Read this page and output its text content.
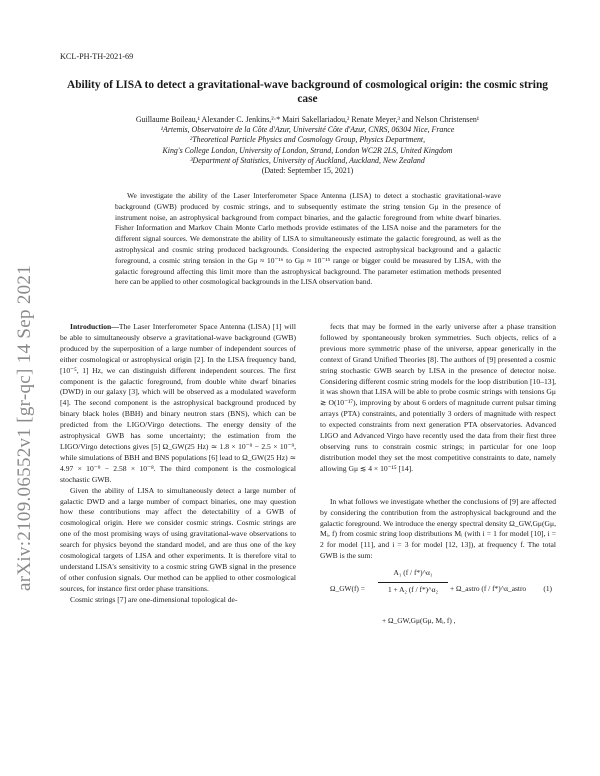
arXiv:2109.06552v1 [gr-qc] 14 Sep 2021
KCL-PH-TH-2021-69
Ability of LISA to detect a gravitational-wave background of cosmological origin: the cosmic string case
Guillaume Boileau,¹ Alexander C. Jenkins,²·* Mairi Sakellariadou,² Renate Meyer,³ and Nelson Christensen¹
¹Artemis, Observatoire de la Côte d'Azur, Université Côte d'Azur, CNRS, 06304 Nice, France
²Theoretical Particle Physics and Cosmology Group, Physics Department,
King's College London, University of London, Strand, London WC2R 2LS, United Kingdom
³Department of Statistics, University of Auckland, Auckland, New Zealand
(Dated: September 15, 2021)
We investigate the ability of the Laser Interferometer Space Antenna (LISA) to detect a stochastic gravitational-wave background (GWB) produced by cosmic strings, and to subsequently estimate the string tension Gμ in the presence of instrument noise, an astrophysical background from compact binaries, and the galactic foreground from white dwarf binaries. Fisher Information and Markov Chain Monte Carlo methods provide estimates of the LISA noise and the parameters for the different signal sources. We demonstrate the ability of LISA to simultaneously estimate the galactic foreground, as well as the astrophysical and cosmic string produced backgrounds. Considering the expected astrophysical background and a galactic foreground, a cosmic string tension in the Gμ ≈ 10⁻¹⁶ to Gμ ≈ 10⁻¹⁵ range or bigger could be measured by LISA, with the galactic foreground affecting this limit more than the astrophysical background. The parameter estimation methods presented here can be applied to other cosmological backgrounds in the LISA observation band.

Introduction—The Laser Interferometer Space Antenna (LISA) [1] will be able to simultaneously observe a gravitational-wave background (GWB) produced by the superposition of a large number of independent sources of either cosmological or astrophysical origin [2]. In the LISA frequency band, [10⁻⁵, 1] Hz, we can distinguish different independent sources. The first component is the galactic foreground, from double white dwarf binaries (DWD) in our galaxy [3], which will be observed as a modulated waveform [4]. The second component is the astrophysical background produced by binary black holes (BBH) and binary neutron stars (BNS), which can be predicted from the LIGO/Virgo detections. The energy density of the astrophysical GWB has some uncertainty; the estimation from the LIGO/Virgo detections gives [5] Ω_GW(25 Hz) ≃ 1.8 × 10⁻⁹ − 2.5 × 10⁻⁹, while simulations of BBH and BNS populations [6] lead to Ω_GW(25 Hz) ≃ 4.97 × 10⁻⁹ − 2.58 × 10⁻⁸. The third component is the cosmological stochastic GWB.

Given the ability of LISA to simultaneously detect a large number of galactic DWD and a large number of compact binaries, one may question how these contributions may affect the detectability of a GWB of cosmological origin. Here we consider cosmic strings. Cosmic strings are one of the most promising ways of using gravitational-wave observations to search for physics beyond the standard model, and are thus one of the key cosmological targets of LISA and other experiments. It is therefore vital to understand LISA's sensitivity to a cosmic string GWB signal in the presence of other confusion signals. Our method can be applied to other cosmological sources, for instance first order phase transitions.

Cosmic strings [7] are one-dimensional topological de-

fects that may be formed in the early universe after a phase transition followed by spontaneously broken symmetries. Such objects, relics of a previous more symmetric phase of the universe, appear generically in the context of Grand Unified Theories [8]. The authors of [9] presented a cosmic string stochastic GWB search by LISA in the presence of detector noise. Considering different cosmic string models for the loop distribution [10–13], it was shown that LISA will be able to probe cosmic strings with tensions Gμ ≳ O(10⁻¹⁷), improving by about 6 orders of magnitude current pulsar timing arrays (PTA) constraints, and potentially 3 orders of magnitude with respect to expected constraints from next generation PTA observatories. Advanced LIGO and Advanced Virgo have recently used the data from their first three observing runs to constrain cosmic strings; in particular for one loop distribution model they set the most competitive constraints to date, namely allowing Gμ ≲ 4 × 10⁻¹⁵ [14].

In what follows we investigate whether the conclusions of [9] are affected by considering the contribution from the astrophysical background and the galactic foreground. We introduce the energy spectral density Ω_GW,Gμ(Gμ, Mᵢ, f) from cosmic string loop distributions Mᵢ (with i = 1 for model [10], i = 2 for model [11], and i = 3 for model [12, 13]), at frequency f. The total GWB is the sum:

Ω_GW(f) = $\frac{\text{A₁ (f / f*)\textasciicircum{}α₁}}{\text{1 + A₂ (f / f*)\textasciicircum{}α₂}}$ + Ω_astro (f / f*)^α_astro (1)
+ Ω_GW,Gμ(Gμ, Mᵢ, f) ,
